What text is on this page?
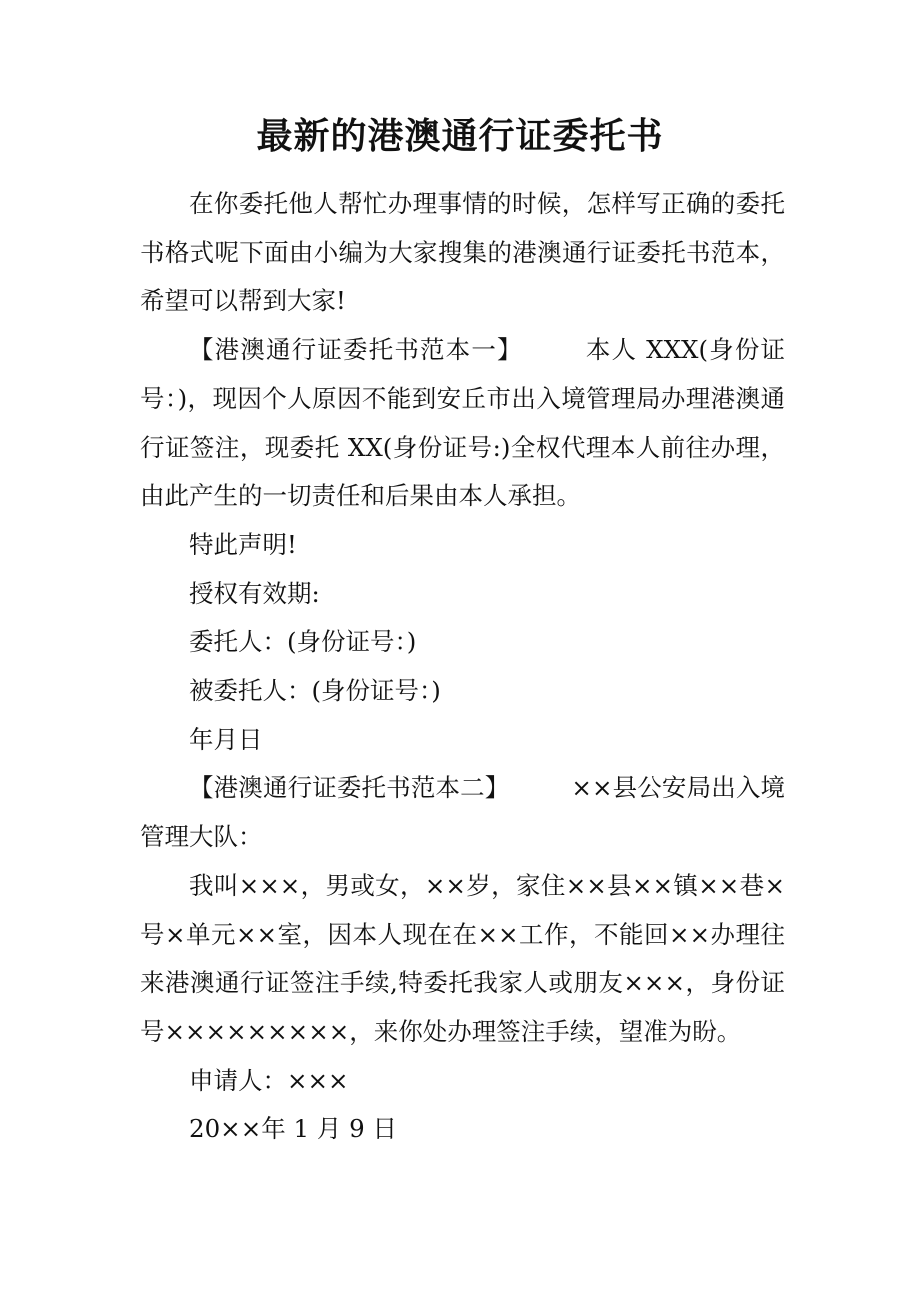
最新的港澳通行证委托书

在你委托他人帮忙办理事情的时候，怎样写正确的委托书格式呢下面由小编为大家搜集的港澳通行证委托书范本，希望可以帮到大家!

【港澳通行证委托书范本一】	本人 XXX(身份证号：)，现因个人原因不能到安丘市出入境管理局办理港澳通行证签注，现委托 XX(身份证号:)全权代理本人前往办理，由此产生的一切责任和后果由本人承担。

特此声明!

授权有效期:

委托人：(身份证号：)

被委托人：(身份证号：)

年月日

【港澳通行证委托书范本二】	××县公安局出入境管理大队：

我叫×××，男或女，××岁，家住××县××镇××巷×号×单元××室，因本人现在在××工作，不能回××办理往来港澳通行证签注手续,特委托我家人或朋友×××，身份证号×××××××××，来你处办理签注手续，望准为盼。

申请人：×××

20××年 1 月 9 日
